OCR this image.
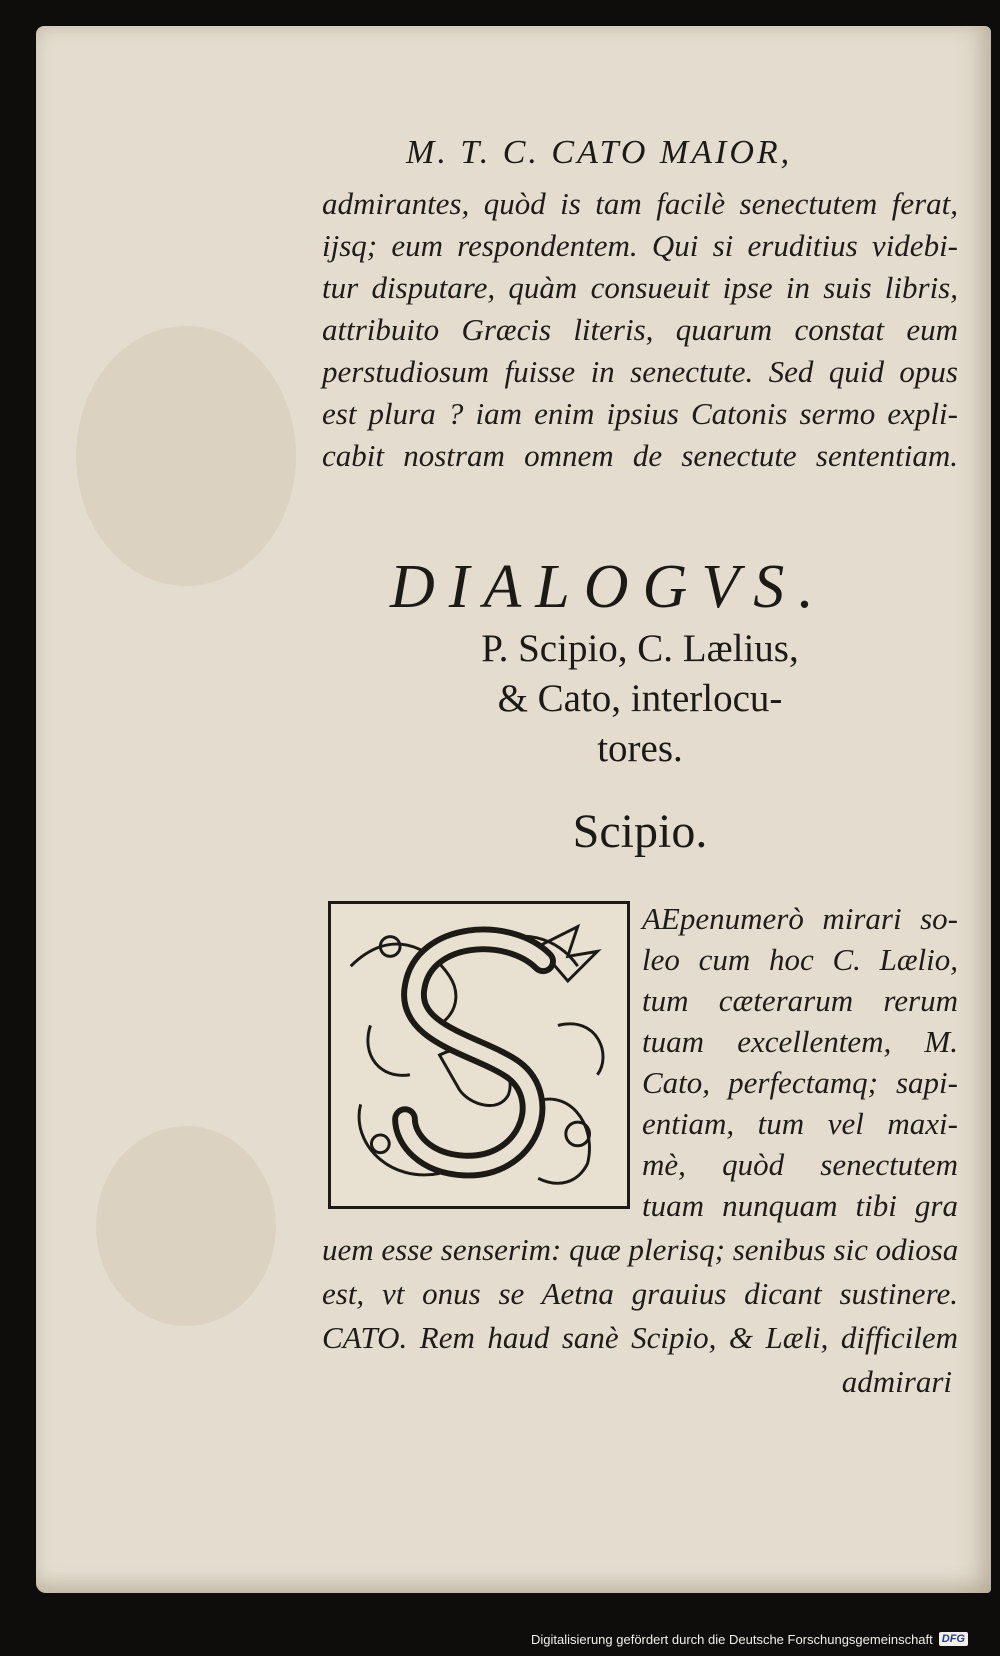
M. T. C. CATO MAIOR,
admirantes, quòd is tam facilè senectutem ferat,
ijsq; eum respondentem. Qui si eruditius videbi-
tur disputare, quàm consueuit ipse in suis libris,
attribuito Græcis literis, quarum constat eum
perstudiosum fuisse in senectute. Sed quid opus
est plura ? iam enim ipsius Catonis sermo expli-
cabit nostram omnem de senectute sententiam.
DIALOGVS.
P. Scipio, C. Lælius,
& Cato, interlocu-
tores.
Scipio.
AEpenumerò mirari so-
leo cum hoc C. Lælio,
tum cæterarum rerum
tuam excellentem, M.
Cato, perfectamq; sapi-
entiam, tum vel maxi-
mè, quòd senectutem
tuam nunquam tibi gra
uem esse senserim: quæ plerisq; senibus sic odiosa
est, vt onus se Aetna grauius dicant sustinere.
CATO. Rem haud sanè Scipio, & Læli, difficilem
admirari
Digitalisierung gefördert durch die Deutsche Forschungsgemeinschaft DFG
